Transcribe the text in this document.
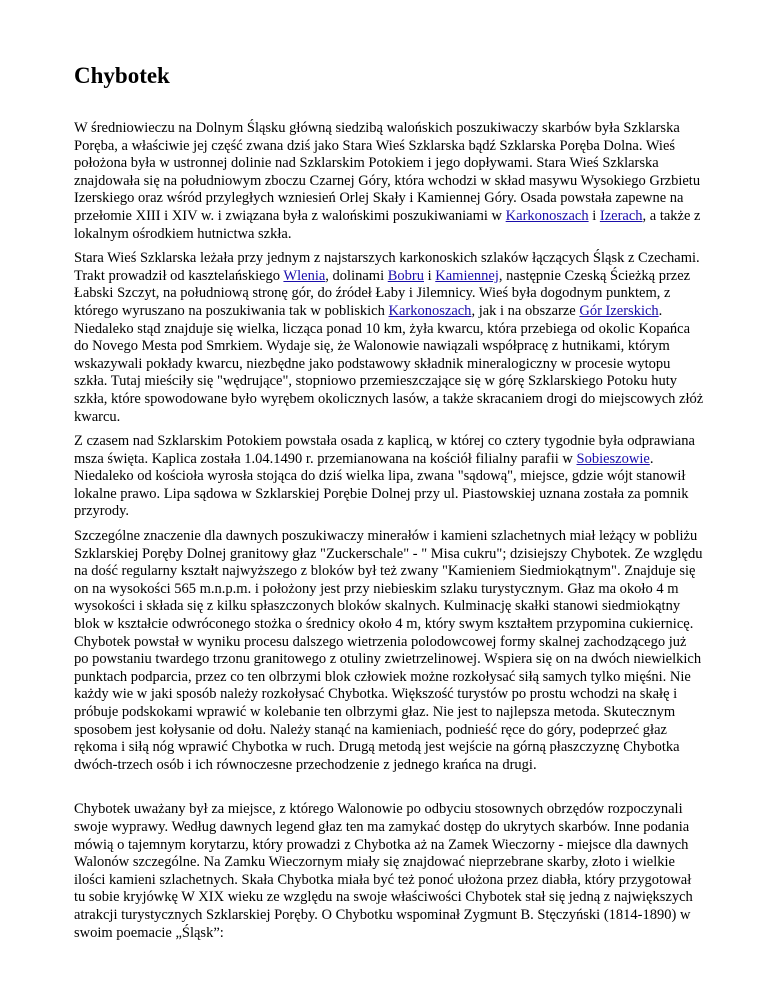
Chybotek

W średniowieczu na Dolnym Śląsku główną siedzibą walońskich poszukiwaczy skarbów była Szklarska Poręba, a właściwie jej część zwana dziś jako Stara Wieś Szklarska bądź Szklarska Poręba Dolna. Wieś położona była w ustronnej dolinie nad Szklarskim Potokiem i jego dopływami. Stara Wieś Szklarska znajdowała się na południowym zboczu Czarnej Góry, która wchodzi w skład masywu Wysokiego Grzbietu Izerskiego oraz wśród przyległych wzniesień Orlej Skały i Kamiennej Góry. Osada powstała zapewne na przełomie XIII i XIV w. i związana była z walońskimi poszukiwaniami w Karkonoszach i Izerach, a także z lokalnym ośrodkiem hutnictwa szkła.

Stara Wieś Szklarska leżała przy jednym z najstarszych karkonoskich szlaków łączących Śląsk z Czechami. Trakt prowadził od kasztelańskiego Wlenia, dolinami Bobru i Kamiennej, następnie Czeską Ścieżką przez Łabski Szczyt, na południową stronę gór, do źródeł Łaby i Jilemnicy. Wieś była dogodnym punktem, z którego wyruszano na poszukiwania tak w pobliskich Karkonoszach, jak i na obszarze Gór Izerskich. Niedaleko stąd znajduje się wielka, licząca ponad 10 km, żyła kwarcu, która przebiega od okolic Kopańca do Novego Mesta pod Smrkiem. Wydaje się, że Walonowie nawiązali współpracę z hutnikami, którym wskazywali pokłady kwarcu, niezbędne jako podstawowy składnik mineralogiczny w procesie wytopu szkła. Tutaj mieściły się "wędrujące", stopniowo przemieszczające się w górę Szklarskiego Potoku huty szkła, które spowodowane było wyrębem okolicznych lasów, a także skracaniem drogi do miejscowych złóż kwarcu.

Z czasem nad Szklarskim Potokiem powstała osada z kaplicą, w której co cztery tygodnie była odprawiana msza święta. Kaplica została 1.04.1490 r. przemianowana na kościół filialny parafii w Sobieszowie. Niedaleko od kościoła wyrosła stojąca do dziś wielka lipa, zwana "sądową", miejsce, gdzie wójt stanowił lokalne prawo. Lipa sądowa w Szklarskiej Porębie Dolnej przy ul. Piastowskiej uznana została za pomnik przyrody.

Szczególne znaczenie dla dawnych poszukiwaczy minerałów i kamieni szlachetnych miał leżący w pobliżu Szklarskiej Poręby Dolnej granitowy głaz "Zuckerschale" - " Misa cukru"; dzisiejszy Chybotek. Ze względu na dość regularny kształt najwyższego z bloków był też zwany "Kamieniem Siedmiokątnym". Znajduje się on na wysokości 565 m.n.p.m. i położony jest przy niebieskim szlaku turystycznym. Głaz ma około 4 m wysokości i składa się z kilku spłaszczonych bloków skalnych. Kulminację skałki stanowi siedmiokątny blok w kształcie odwróconego stożka o średnicy około 4 m, który swym kształtem przypomina cukiernicę. Chybotek powstał w wyniku procesu dalszego wietrzenia polodowcowej formy skalnej zachodzącego już po powstaniu twardego trzonu granitowego z otuliny zwietrzelinowej. Wspiera się on na dwóch niewielkich punktach podparcia, przez co ten olbrzymi blok człowiek możne rozkołysać siłą samych tylko mięśni. Nie każdy wie w jaki sposób należy rozkołysać Chybotka. Większość turystów po prostu wchodzi na skałę i próbuje podskokami wprawić w kolebanie ten olbrzymi głaz. Nie jest to najlepsza metoda. Skutecznym sposobem jest kołysanie od dołu. Należy stanąć na kamieniach, podnieść ręce do góry, podeprzeć głaz rękoma i siłą nóg wprawić Chybotka w ruch. Drugą metodą jest wejście na górną płaszczyznę Chybotka dwóch-trzech osób i ich równoczesne przechodzenie z jednego krańca na drugi.

Chybotek uważany był za miejsce, z którego Walonowie po odbyciu stosownych obrzędów rozpoczynali swoje wyprawy. Według dawnych legend głaz ten ma zamykać dostęp do ukrytych skarbów. Inne podania mówią o tajemnym korytarzu, który prowadzi z Chybotka aż na Zamek Wieczorny - miejsce dla dawnych Walonów szczególne. Na Zamku Wieczornym miały się znajdować nieprzebrane skarby, złoto i wielkie ilości kamieni szlachetnych. Skała Chybotka miała być też ponoć ułożona przez diabła, który przygotował tu sobie kryjówkę W XIX wieku ze względu na swoje właściwości Chybotek stał się jedną z największych atrakcji turystycznych Szklarskiej Poręby. O Chybotku wspominał Zygmunt B. Stęczyński (1814-1890) w swoim poemacie „Śląsk”:
